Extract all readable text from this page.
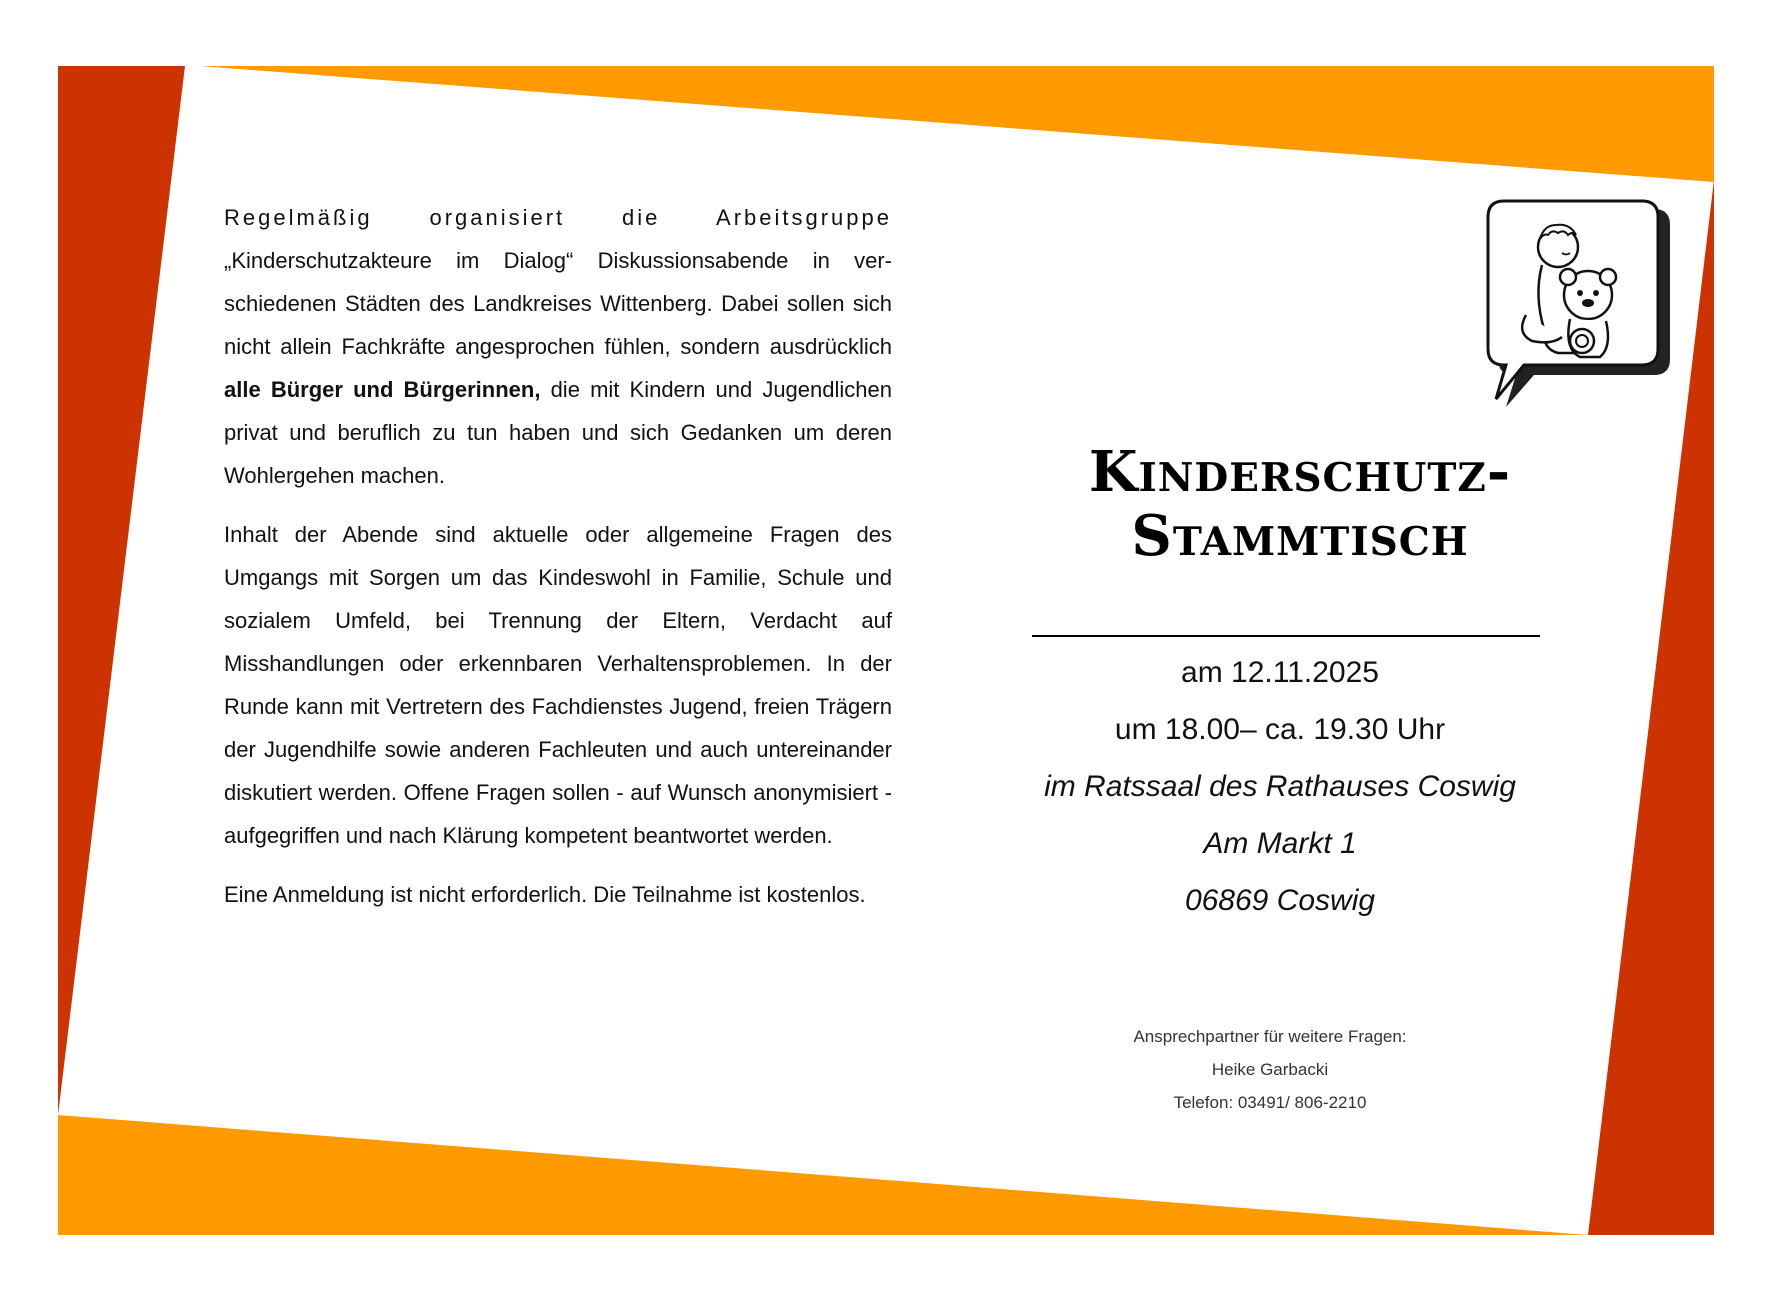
Regelmäßig organisiert die Arbeitsgruppe
„Kinderschutzakteure im Dialog“ Diskussionsabende in verschiedenen Städten des Landkreises Wittenberg. Dabei sollen sich nicht allein Fachkräfte angesprochen fühlen, sondern ausdrücklich alle Bürger und Bürgerinnen, die mit Kindern und Jugendlichen privat und beruflich zu tun haben und sich Gedanken um deren Wohlergehen machen.

Inhalt der Abende sind aktuelle oder allgemeine Fragen des Umgangs mit Sorgen um das Kindeswohl in Familie, Schule und sozialem Umfeld, bei Trennung der Eltern, Verdacht auf Misshandlungen oder erkennbaren Verhaltensproblemen. In der Runde kann mit Vertretern des Fachdienstes Jugend, freien Trägern der Jugendhilfe sowie anderen Fachleuten und auch untereinander diskutiert werden. Offene Fragen sollen - auf Wunsch anonymisiert - aufgegriffen und nach Klärung kompetent beantwortet werden.

Eine Anmeldung ist nicht erforderlich. Die Teilnahme ist kostenlos.

Kinderschutz-
Stammtisch
am 12.11.2025
um 18.00– ca. 19.30 Uhr
im Ratssaal des Rathauses Coswig
Am Markt 1
06869 Coswig
Ansprechpartner für weitere Fragen:
Heike Garbacki
Telefon: 03491/ 806-2210
